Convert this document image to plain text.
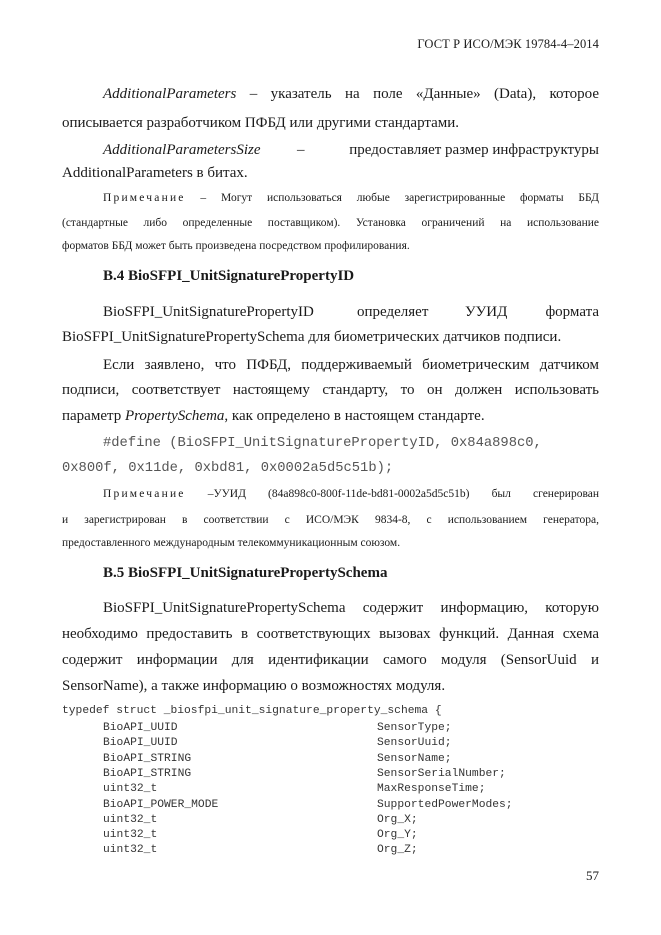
ГОСТ Р ИСО/МЭК 19784-4–2014
AdditionalParameters – указатель на поле «Данные» (Data), которое
описывается разработчиком ПФБД или другими стандартами.
AdditionalParametersSize –	предоставляет размер инфраструктуры
AdditionalParameters в битах.
Примечание – Могут использоваться любые зарегистрированные форматы ББД
(стандартные либо определенные поставщиком). Установка ограничений на использование
форматов ББД может быть произведена посредством профилирования.
B.4 BioSFPI_UnitSignaturePropertyID
BioSFPI_UnitSignaturePropertyID	определяет УУИД	формата
BioSFPI_UnitSignaturePropertySchema для биометрических датчиков подписи.
Если заявлено, что ПФБД, поддерживаемый биометрическим датчиком
подписи, соответствует настоящему стандарту, то он должен использовать
параметр PropertySchema, как определено в настоящем стандарте.
#define (BioSFPI_UnitSignaturePropertyID, 0x84a898c0,
0x800f, 0x11de, 0xbd81, 0x0002a5d5c51b);
Примечание –УУИД (84a898c0-800f-11de-bd81-0002a5d5c51b) был сгенерирован
и зарегистрирован в соответствии с ИСО/МЭК 9834-8, с использованием генератора,
предоставленного международным телекоммуникационным союзом.
B.5 BioSFPI_UnitSignaturePropertySchema
BioSFPI_UnitSignaturePropertySchema содержит информацию, которую
необходимо предоставить в соответствующих вызовах функций. Данная схема
содержит информации для идентификации самого модуля (SensorUuid и
SensorName), а также информацию о возможностях модуля.
typedef struct _biosfpi_unit_signature_property_schema {
BioAPI_UUID	SensorType;
BioAPI_UUID	SensorUuid;
BioAPI_STRING	SensorName;
BioAPI_STRING	SensorSerialNumber;
uint32_t	MaxResponseTime;
BioAPI_POWER_MODE	SupportedPowerModes;
uint32_t	Org_X;
uint32_t	Org_Y;
uint32_t	Org_Z;
57
